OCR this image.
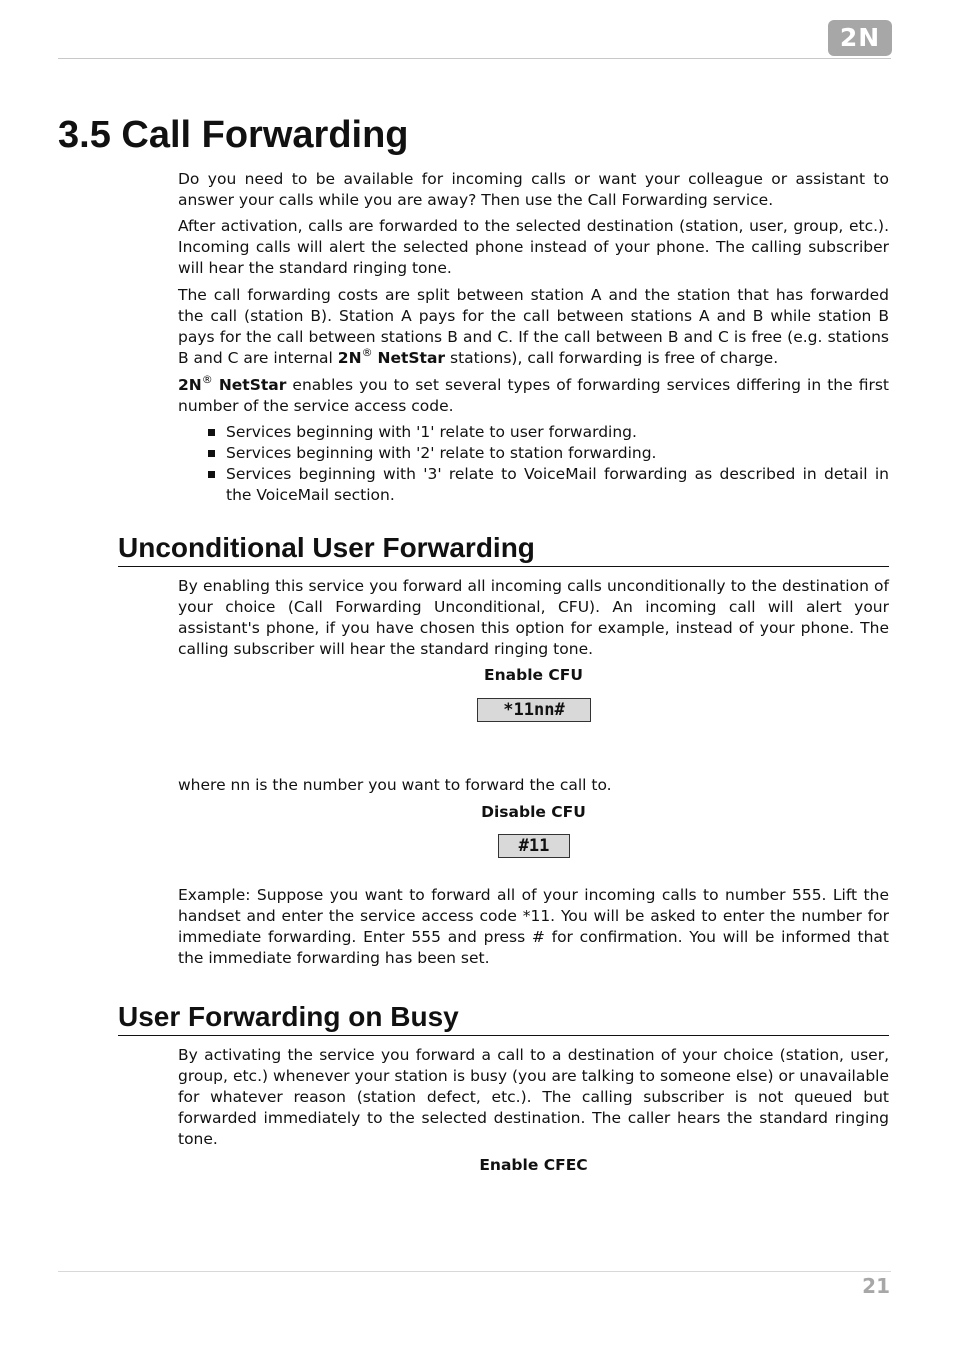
2N
3.5 Call Forwarding

Do you need to be available for incoming calls or want your colleague or assistant to answer your calls while you are away? Then use the Call Forwarding service.

After activation, calls are forwarded to the selected destination (station, user, group, etc.). Incoming calls will alert the selected phone instead of your phone. The calling subscriber will hear the standard ringing tone.

The call forwarding costs are split between station A and the station that has forwarded the call (station B). Station A pays for the call between stations A and B while station B pays for the call between stations B and C. If the call between B and C is free (e.g. stations B and C are internal 2N® NetStar stations), call forwarding is free of charge.

2N® NetStar enables you to set several types of forwarding services differing in the first number of the service access code.

Services beginning with '1' relate to user forwarding.
Services beginning with '2' relate to station forwarding.
Services beginning with '3' relate to VoiceMail forwarding as described in detail in the VoiceMail section.
Unconditional User Forwarding

By enabling this service you forward all incoming calls unconditionally to the destination of your choice (Call Forwarding Unconditional, CFU). An incoming call will alert your assistant's phone, if you have chosen this option for example, instead of your phone. The calling subscriber will hear the standard ringing tone.

Enable CFU
*11nn#

where nn is the number you want to forward the call to.

Disable CFU
#11

Example: Suppose you want to forward all of your incoming calls to number 555. Lift the handset and enter the service access code *11. You will be asked to enter the number for immediate forwarding. Enter 555 and press # for confirmation. You will be informed that the immediate forwarding has been set.

User Forwarding on Busy

By activating the service you forward a call to a destination of your choice (station, user, group, etc.) whenever your station is busy (you are talking to someone else) or unavailable for whatever reason (station defect, etc.). The calling subscriber is not queued but forwarded immediately to the selected destination. The caller hears the standard ringing tone.

Enable CFEC
21
